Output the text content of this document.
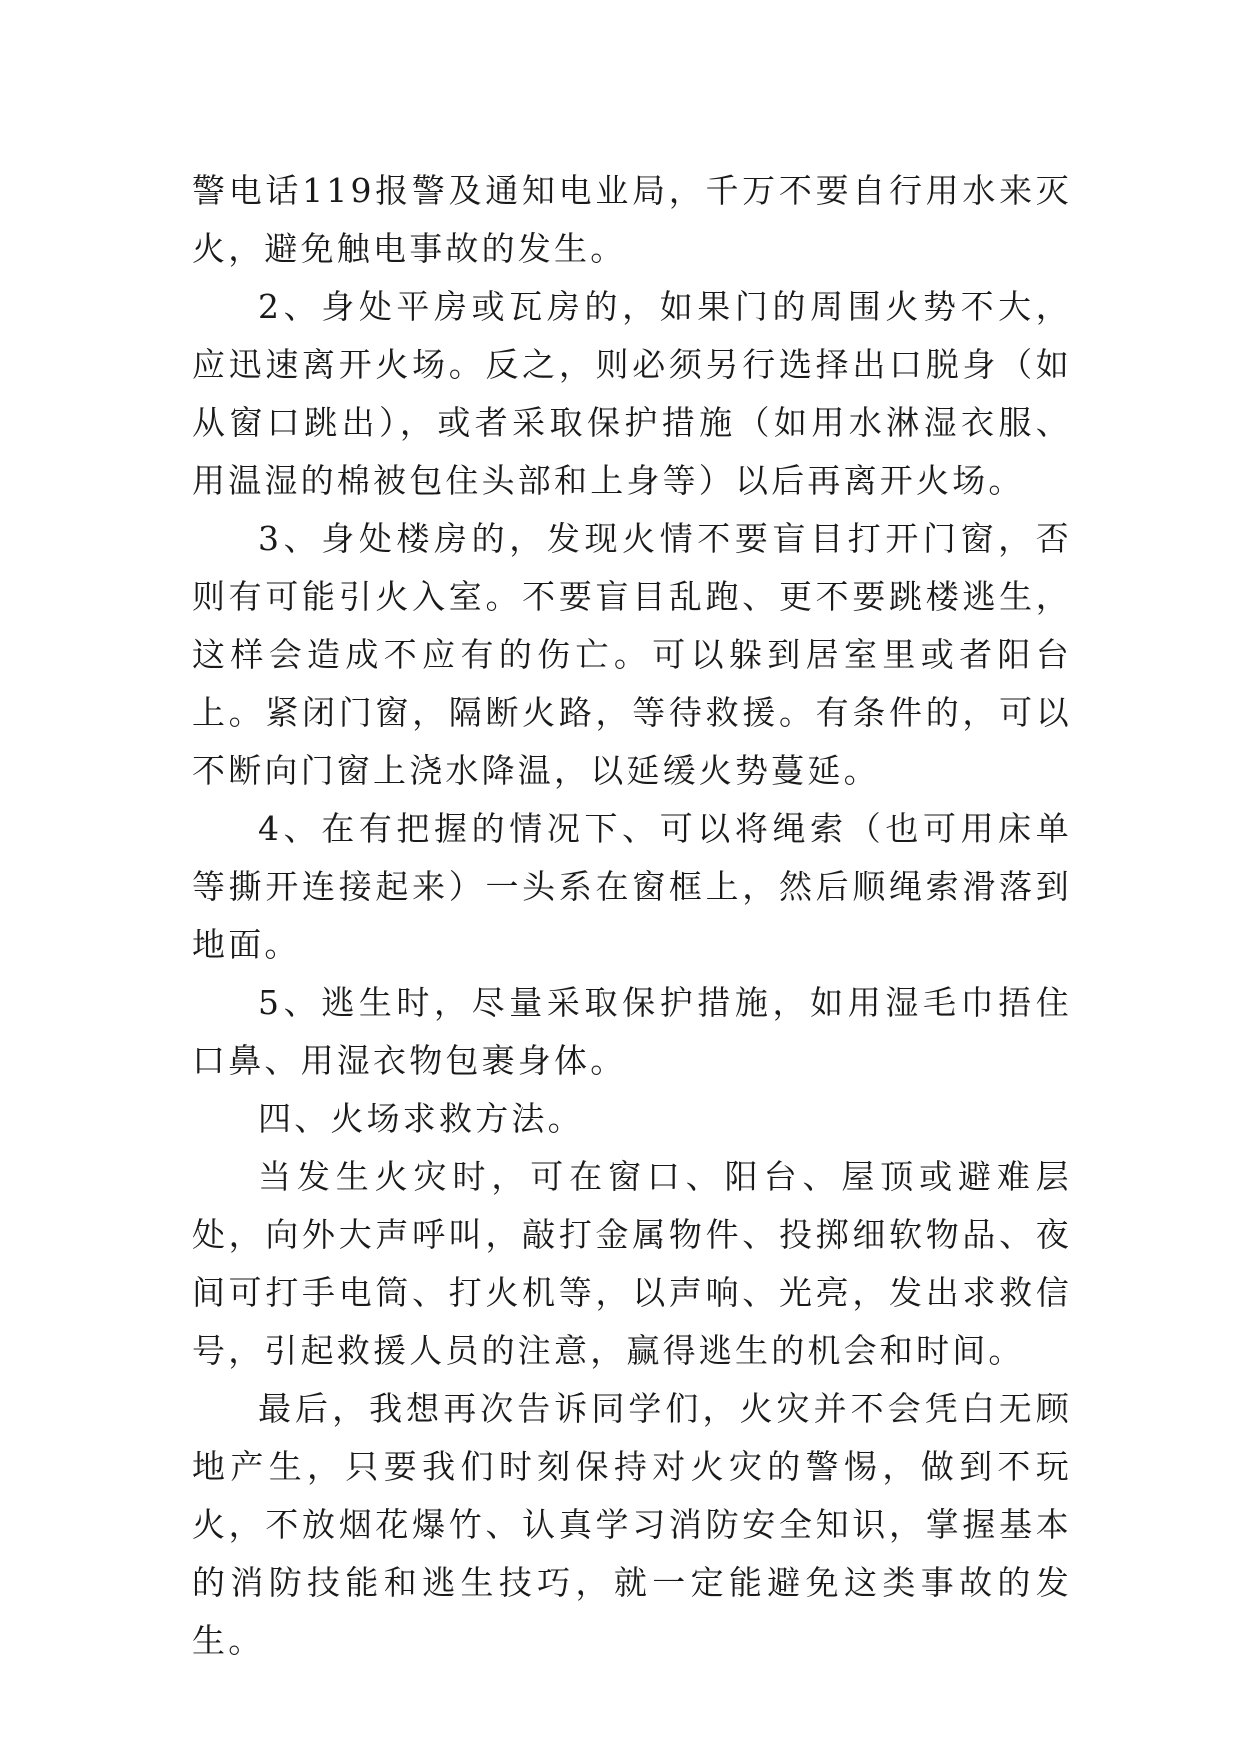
警电话119报警及通知电业局，千万不要自行用水来灭火，避免触电事故的发生。

2、身处平房或瓦房的，如果门的周围火势不大，应迅速离开火场。反之，则必须另行选择出口脱身（如从窗口跳出），或者采取保护措施（如用水淋湿衣服、用温湿的棉被包住头部和上身等）以后再离开火场。

3、身处楼房的，发现火情不要盲目打开门窗，否则有可能引火入室。不要盲目乱跑、更不要跳楼逃生，这样会造成不应有的伤亡。可以躲到居室里或者阳台上。紧闭门窗，隔断火路，等待救援。有条件的，可以不断向门窗上浇水降温，以延缓火势蔓延。

4、在有把握的情况下、可以将绳索（也可用床单等撕开连接起来）一头系在窗框上，然后顺绳索滑落到地面。

5、逃生时，尽量采取保护措施，如用湿毛巾捂住口鼻、用湿衣物包裹身体。

四、火场求救方法。

当发生火灾时，可在窗口、阳台、屋顶或避难层处，向外大声呼叫，敲打金属物件、投掷细软物品、夜间可打手电筒、打火机等，以声响、光亮，发出求救信号，引起救援人员的注意，赢得逃生的机会和时间。

最后，我想再次告诉同学们，火灾并不会凭白无顾地产生，只要我们时刻保持对火灾的警惕，做到不玩火，不放烟花爆竹、认真学习消防安全知识，掌握基本的消防技能和逃生技巧，就一定能避免这类事故的发生。
